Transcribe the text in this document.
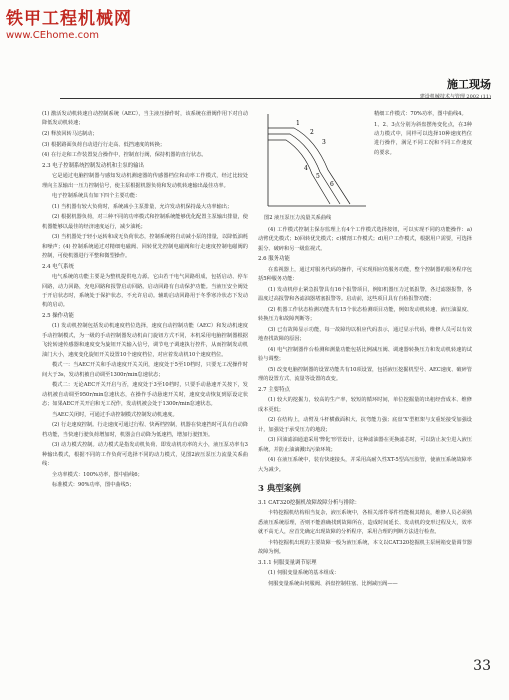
铁甲工程机械网
www.CEhome.com
施工现场
建设机械技术与管理 2002 (11)

(1) 激活发动机转速自动控制系统（AEC），当主液压操作时，该系统在滑阀作用下对自动降低发动机转速；

(2) 释放回转马达制动；

(3) 根据路面负荷自动进行行走高、低挡速度的转换；

(4) 在行走和工作装置复合操作中，控制直行阀，保持机器的直行状态。

2.3 电子控制系统控制发动机和主泵的输出

它是通过电脑控制器与感知发动机测速器的传感器档位和动率工作模式，经过比较处理向主泵输出一压力控制信号，使主泵根据机器负荷和发动机转速输出最佳功率。

电子控制系统具有如下四个主要功能：

(1) 当机器有较大负荷时，系统减小主泵排量，允许发动机保持最大功率输出；

(2) 根据机器负荷，对三种不同的功率模式和控制系统能够优化配置主泵输出排量，使机器能够以最佳的经济速度运行，减少油耗；

(3) 当机器处于轻小运转和或无负荷状态，控制系统将自动减小泵的排量，以降低油耗和噪声；(4) 控制系统通过对精细电磁阀、回转优先控制电磁阀和行走速度控制电磁阀的控制，可使机器进行平整和微型操作。

2.4 电气系统

电气系统的功能主要是为整机提供电力源。它由若干电气回路组成，包括启动、停车回路，动力回路，充电回路和报警启动回路。启动回路有自动保护功能。当液压安全阀处于开启状态时，系统处于保护状态，不允许启动。辅助启动回路用于冬季寒冷状态下发动机的启动。

2.5 操作功能

(1) 发动机控制包括发动机速度档位选择，速度自动控制功能（AEC）和发动机速度手动控制模式，为一级的手动控制器发动机由门旋钮方式不同，本机采用电脑控制器根据飞轮转速传感器和速度变为旋钮开关输入信号，调节电子调速执行控件，从而控制发动机油门大小，速度变化旋钮开关设置10个速度档位，对应着发动机10个速度档位。

模式一：当AEC开关和手动速度开关关闭，速度处于5至10档时，只要无工况操作时间大于3s，发动机被自动调至1300r/min怠速状态；

模式二：无论AEC开关开启与否，速度处于3至10档时，只要手动悬速开关按下，发动机被自动调至950r/min怠速状态，在操作手动悬速开关时，速度变动恢复到原设定状态；如果AEC开关开启和无工况作，发动机被会处于1300r/min怠速状态。

当AEC关闭时，可通过手动控制模式控制发动机速度。

(2) 行走速度控制。行走速度可通过行程、快两档控制，机器在快速挡时可具有自动降档功能，当快速行驶负荷增加时，机器会自动降为低速档，增加行驶扭矩。

(3) 动力模式控制。动力模式是指发动机负荷、即发动机功率的大小，液压泵功率有3种输出模式，根据不同的工作负荷可选择不同的动力模式，见图2液压泵压力流量关系曲线：

全功率模式：100%功率，图中曲线6；

标准模式：90%功率，图中曲线5；

1
2
3
4
5
6

精细工作模式：70%功率，图中曲线4。

1、2、3点分别为斜盘摆角变化点，在3种动力模式中，同样可以选择10种速度档位进行操作，满足不同工况和不同工作速度的要求。

图2 液压泵压力流量关系曲线

(4) 工作模式控制主保存监理上有4个工作模式选择按钮，可以实现不同的功能操作：a)动臂优先模式；b)回转优先模式；c)横剖工作模式；d)用户工作模式，根据用户需要，可选择振分、破碎和另一级监视式。

2.6 服务功能

在监视器上，通过对服务代码的操作，可实现相应的服务功能，整个控制器的服务程序包括5种服务功能：

(1) 发动机停止紧急报警具有16个报警项目，例如机器压力过低报警，各过滤器报警，各温度过高报警和各滤油器堵塞报警等。启动前，这些项目具有自检报警功能；

(2) 机器工作状态检测功能共有15个状态检测项目功能，例如发动机转速、液压油温度、转换压力和故障判断等；

(3) 已有故障显示功能，每一故障均以相应代码表示，通过显示代码，维修人员可以有效地查找故障的原因；

(4) 电气控制器作台检测和测量功能包括比例减压阀、调速器转换压力和发动机转速的试验与调整；

(5) 改变电脑控制器的设置功能共有10项设置，包括液压挖掘机型号、AEC速度、破碎管理的设置方式、流量等设置的改变。

2.7 主要特点

(1) 较大的挖掘力，较高的生产率，较短的循环时间，单位挖掘量的出租经营成本、维修成本更低；

(2) 在结构上，动臂及斗杆横截面积大、抗弯能力强；底盘'X'型框架与支重轮接受加强设计，加强处于承受压力的地段；

(3) 回油滤油通道采用'弊化'形管设计，这种滤油器在更换滤芯时，可以防止灰尘进入液压系统，并防止油滴溅出污染环境；

(4) 在液压系统中，装有快速接头，并采用高耐久性XT-5型高压胶管，使液压系统故障率大为减少。

3 典型案例
3.1 CAT320挖掘机故障故障分析与排除：

卡特挖掘机结构相当复杂，液压系统中，各相关部件零件性能极其精良，维修人员必须熟悉液压系统原理，否则不能准确找到故障所在，造成时间延长、发动机的变形过程及大，效率就不高无人，应首先确定出现故障的分析程序，采用合理的判断方法进行检查。

卡特挖掘机出现的主要故障一般为液压系统，本文以CAT320挖掘机主泵闸箱变量调节器故障为例。

3.1.1 伺服变量调节原理

(1) 伺服变量系统的基本组成：

伺服变量系统由伺服阀、斜盘控制柱塞、比例减压阀——

33
